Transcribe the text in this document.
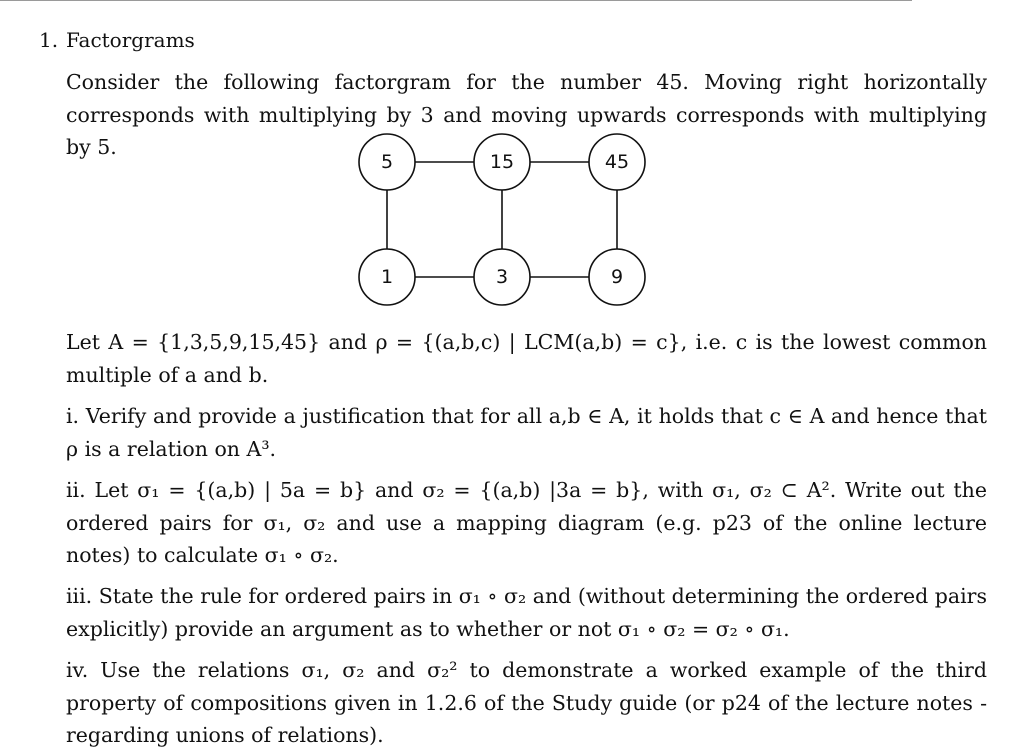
1. Factorgrams
Consider the following factorgram for the number 45. Moving right horizontally corresponds with multiplying by 3 and moving upwards corresponds with multiplying by 5.
5	15	45
1	3	9
Let A = {1,3,5,9,15,45} and ρ = {(a,b,c) | LCM(a,b) = c}, i.e. c is the lowest common multiple of a and b.
i. Verify and provide a justification that for all a,b ∈ A, it holds that c ∈ A and hence that ρ is a relation on A³.
ii. Let σ₁ = {(a,b) | 5a = b} and σ₂ = {(a,b) |3a = b}, with σ₁, σ₂ ⊂ A². Write out the ordered pairs for σ₁, σ₂ and use a mapping diagram (e.g. p23 of the online lecture notes) to calculate σ₁ ∘ σ₂.
iii. State the rule for ordered pairs in σ₁ ∘ σ₂ and (without determining the ordered pairs explicitly) provide an argument as to whether or not σ₁ ∘ σ₂ = σ₂ ∘ σ₁.
iv. Use the relations σ₁, σ₂ and σ₂² to demonstrate a worked example of the third property of compositions given in 1.2.6 of the Study guide (or p24 of the lecture notes - regarding unions of relations).
